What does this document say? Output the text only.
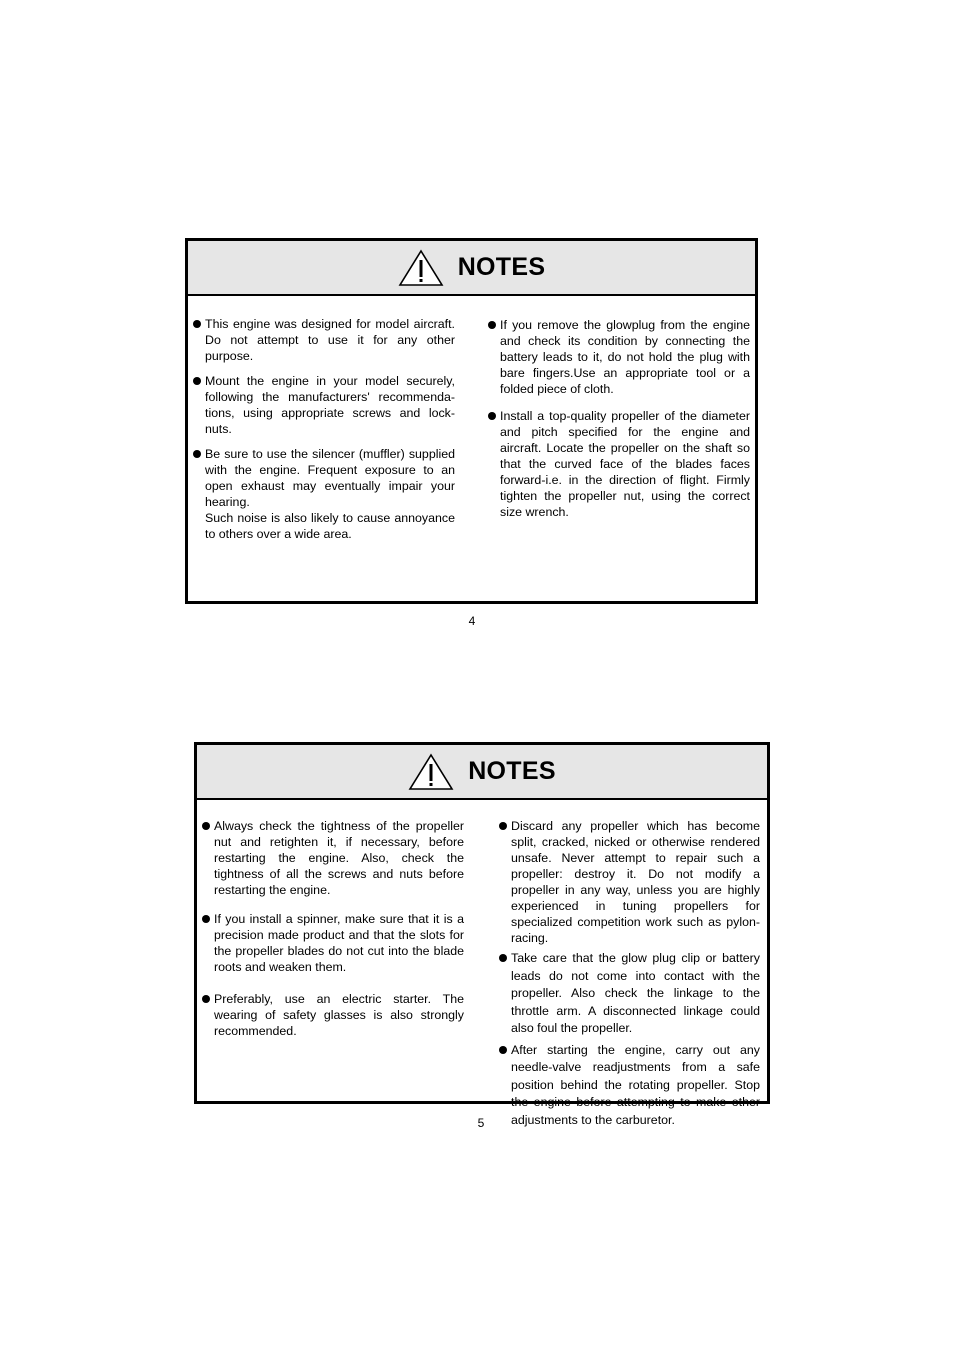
NOTES

This engine was designed for model aircraft. Do not attempt to use it for any other purpose.

Mount the engine in your model securely, following the manufacturers' recommenda-tions, using appropriate screws and lock-nuts.

Be sure to use the silencer (muffler) supplied with the engine. Frequent exposure to an open exhaust may eventually impair your hearing.

Such noise is also likely to cause annoyance to others over a wide area.

If you remove the glowplug from the engine and check its condition by connecting the battery leads to it, do not hold the plug with bare fingers.Use an appropriate tool or a folded piece of cloth.

Install a top-quality propeller of the diameter and pitch specified for the engine and aircraft. Locate the propeller on the shaft so that the curved face of the blades faces forward-i.e. in the direction of flight. Firmly tighten the propeller nut, using the correct size wrench.

4
NOTES

Always check the tightness of the propeller nut and retighten it, if necessary, before restarting the engine. Also, check the tightness of all the screws and nuts before restarting the engine.

If you install a spinner, make sure that it is a precision made product and that the slots for the propeller blades do not cut into the blade roots and weaken them.

Preferably, use an electric starter. The wearing of safety glasses is also strongly recommended.

Discard any propeller which has become split, cracked, nicked or otherwise rendered unsafe. Never attempt to repair such a propeller: destroy it. Do not modify a propeller in any way, unless you are highly experienced in tuning propellers for specialized competition work such as pylon-racing.

Take care that the glow plug clip or battery leads do not come into contact with the propeller. Also check the linkage to the throttle arm. A disconnected linkage could also foul the propeller.

After starting the engine, carry out any needle-valve readjustments from a safe position behind the rotating propeller. Stop the engine before attempting to make other adjustments to the carburetor.

5
